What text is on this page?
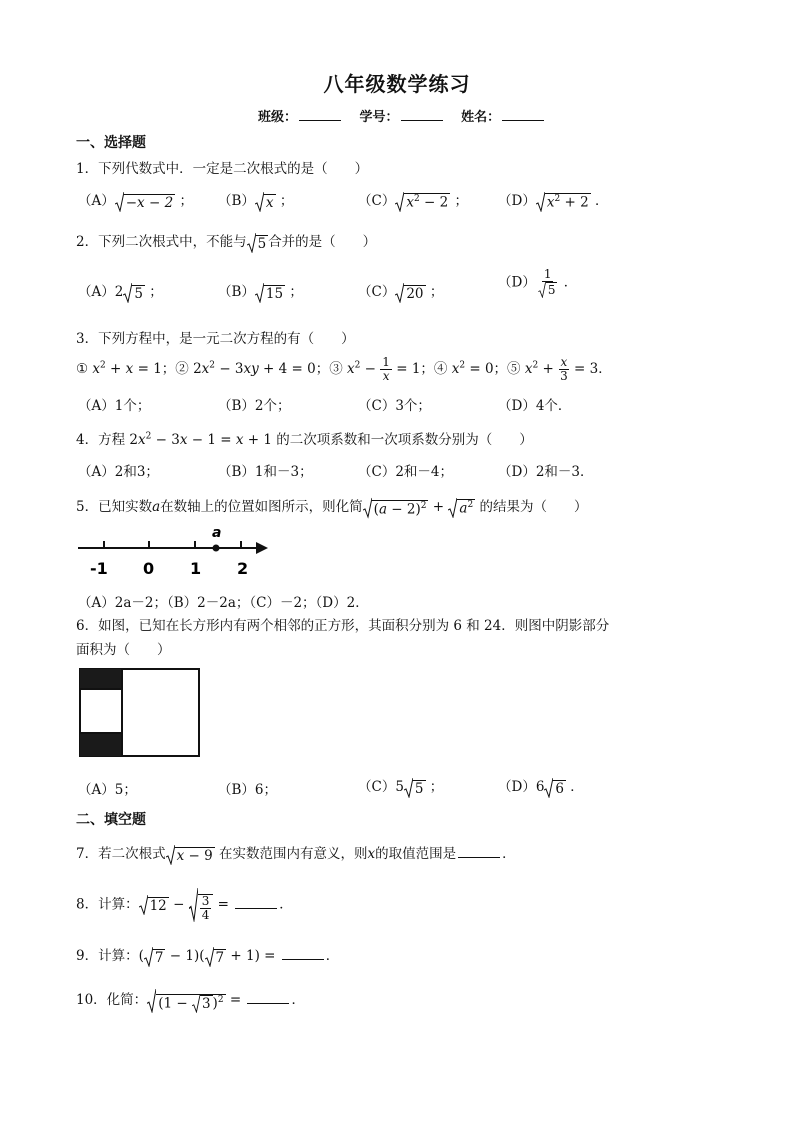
八年级数学练习
班级：	学号：	姓名：
一、选择题
1．下列代数式中．一定是二次根式的是（　　）
（A） −x − 2 ； （B） x ；	（C） $x^2 - 2$ ； （D） $x^2 + 2$ ．
2．下列二次根式中，不能与 5 合并的是（　　）
（A）2 5 ；	（B） 15 ；	（C） 20 ；
$(D) \frac{1}{5}$ ．
3．下列方程中，是一元二次方程的有（　　）
① $x^2 + x = 1$；② $2x^2 - 3xy + 4 = 0$；③ $x^2 - \frac{1}{x} = 1$；④ $x^2 = 0$；⑤ $x^2 + \frac{x}{3} = 3$．
（A）1个；	（B）2个；	（C）3个；	（D）4个．
4．方程 $2x^2 - 3x - 1 = x + 1$ 的二次项系数和一次项系数分别为（　　）
（A）2和3；	（B）1和－3；	（C）2和－4；	（D）2和－3．
5．已知实数a在数轴上的位置如图所示，则化简 $(a - 2)^2 + a^2$ 的结果为（　　）
a
-1 0 1 2
（A）2a－2；（B）2－2a；（C）－2；（D）2．
6．如图，已知在长方形内有两个相邻的正方形，其面积分别为 6 和 24．则图中阴影部分
面积为（　　）
（A）5；	（B）6；	（C）5 5 ；	（D）6 6 ．
二、填空题
7．若二次根式 x − 9 在实数范围内有意义，则x的取值范围是	．
8．计算： $12 - \frac{3}{4}$ =	．
9．计算：( 7 − 1)( 7 + 1) =	．
10．化简： (1 − 3 )$^2$ =	．
